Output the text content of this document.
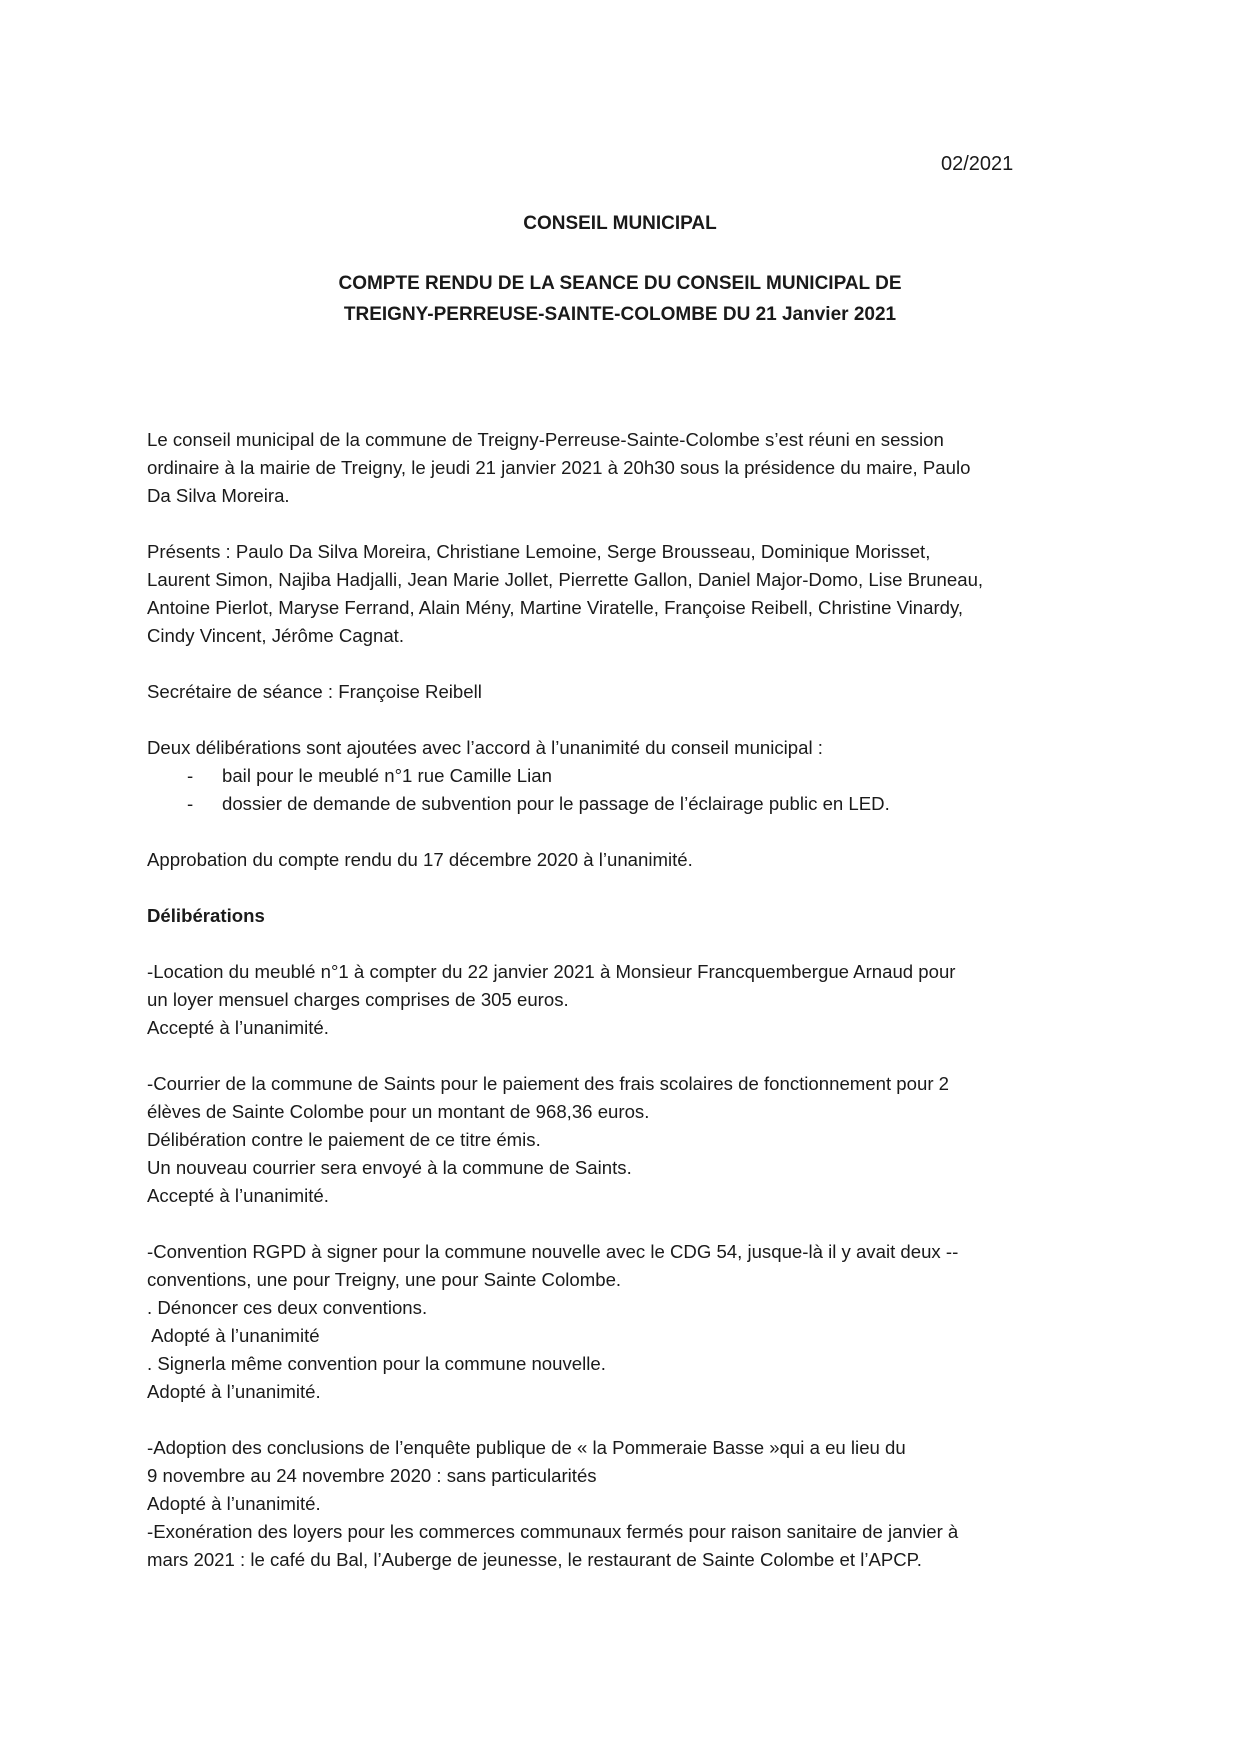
02/2021
CONSEIL MUNICIPAL
COMPTE RENDU DE LA SEANCE DU CONSEIL MUNICIPAL DE
TREIGNY-PERREUSE-SAINTE-COLOMBE DU 21 Janvier 2021
Le conseil municipal de la commune de Treigny-Perreuse-Sainte-Colombe s’est réuni en session
ordinaire à la mairie de Treigny, le jeudi 21 janvier 2021 à 20h30 sous la présidence du maire, Paulo
Da Silva Moreira.
Présents : Paulo Da Silva Moreira, Christiane Lemoine, Serge Brousseau, Dominique Morisset,
Laurent Simon, Najiba Hadjalli, Jean Marie Jollet, Pierrette Gallon, Daniel Major-Domo, Lise Bruneau,
Antoine Pierlot, Maryse Ferrand, Alain Mény, Martine Viratelle, Françoise Reibell, Christine Vinardy,
Cindy Vincent, Jérôme Cagnat.
Secrétaire de séance : Françoise Reibell
Deux délibérations sont ajoutées avec l’accord à l’unanimité du conseil municipal :
- bail pour le meublé n°1 rue Camille Lian
- dossier de demande de subvention pour le passage de l’éclairage public en LED.
Approbation du compte rendu du 17 décembre 2020 à l’unanimité.
Délibérations
-Location du meublé n°1 à compter du 22 janvier 2021 à Monsieur Francquembergue Arnaud pour
un loyer mensuel charges comprises de 305 euros.
Accepté à l’unanimité.
-Courrier de la commune de Saints pour le paiement des frais scolaires de fonctionnement pour 2
élèves de Sainte Colombe pour un montant de 968,36 euros.
Délibération contre le paiement de ce titre émis.
Un nouveau courrier sera envoyé à la commune de Saints.
Accepté à l’unanimité.
-Convention RGPD à signer pour la commune nouvelle avec le CDG 54, jusque-là il y avait deux --
conventions, une pour Treigny, une pour Sainte Colombe.
. Dénoncer ces deux conventions.
Adopté à l’unanimité
. Signerla même convention pour la commune nouvelle.
Adopté à l’unanimité.
-Adoption des conclusions de l’enquête publique de « la Pommeraie Basse »qui a eu lieu du
9 novembre au 24 novembre 2020 : sans particularités
Adopté à l’unanimité.
-Exonération des loyers pour les commerces communaux fermés pour raison sanitaire de janvier à
mars 2021 : le café du Bal, l’Auberge de jeunesse, le restaurant de Sainte Colombe et l’APCP.
